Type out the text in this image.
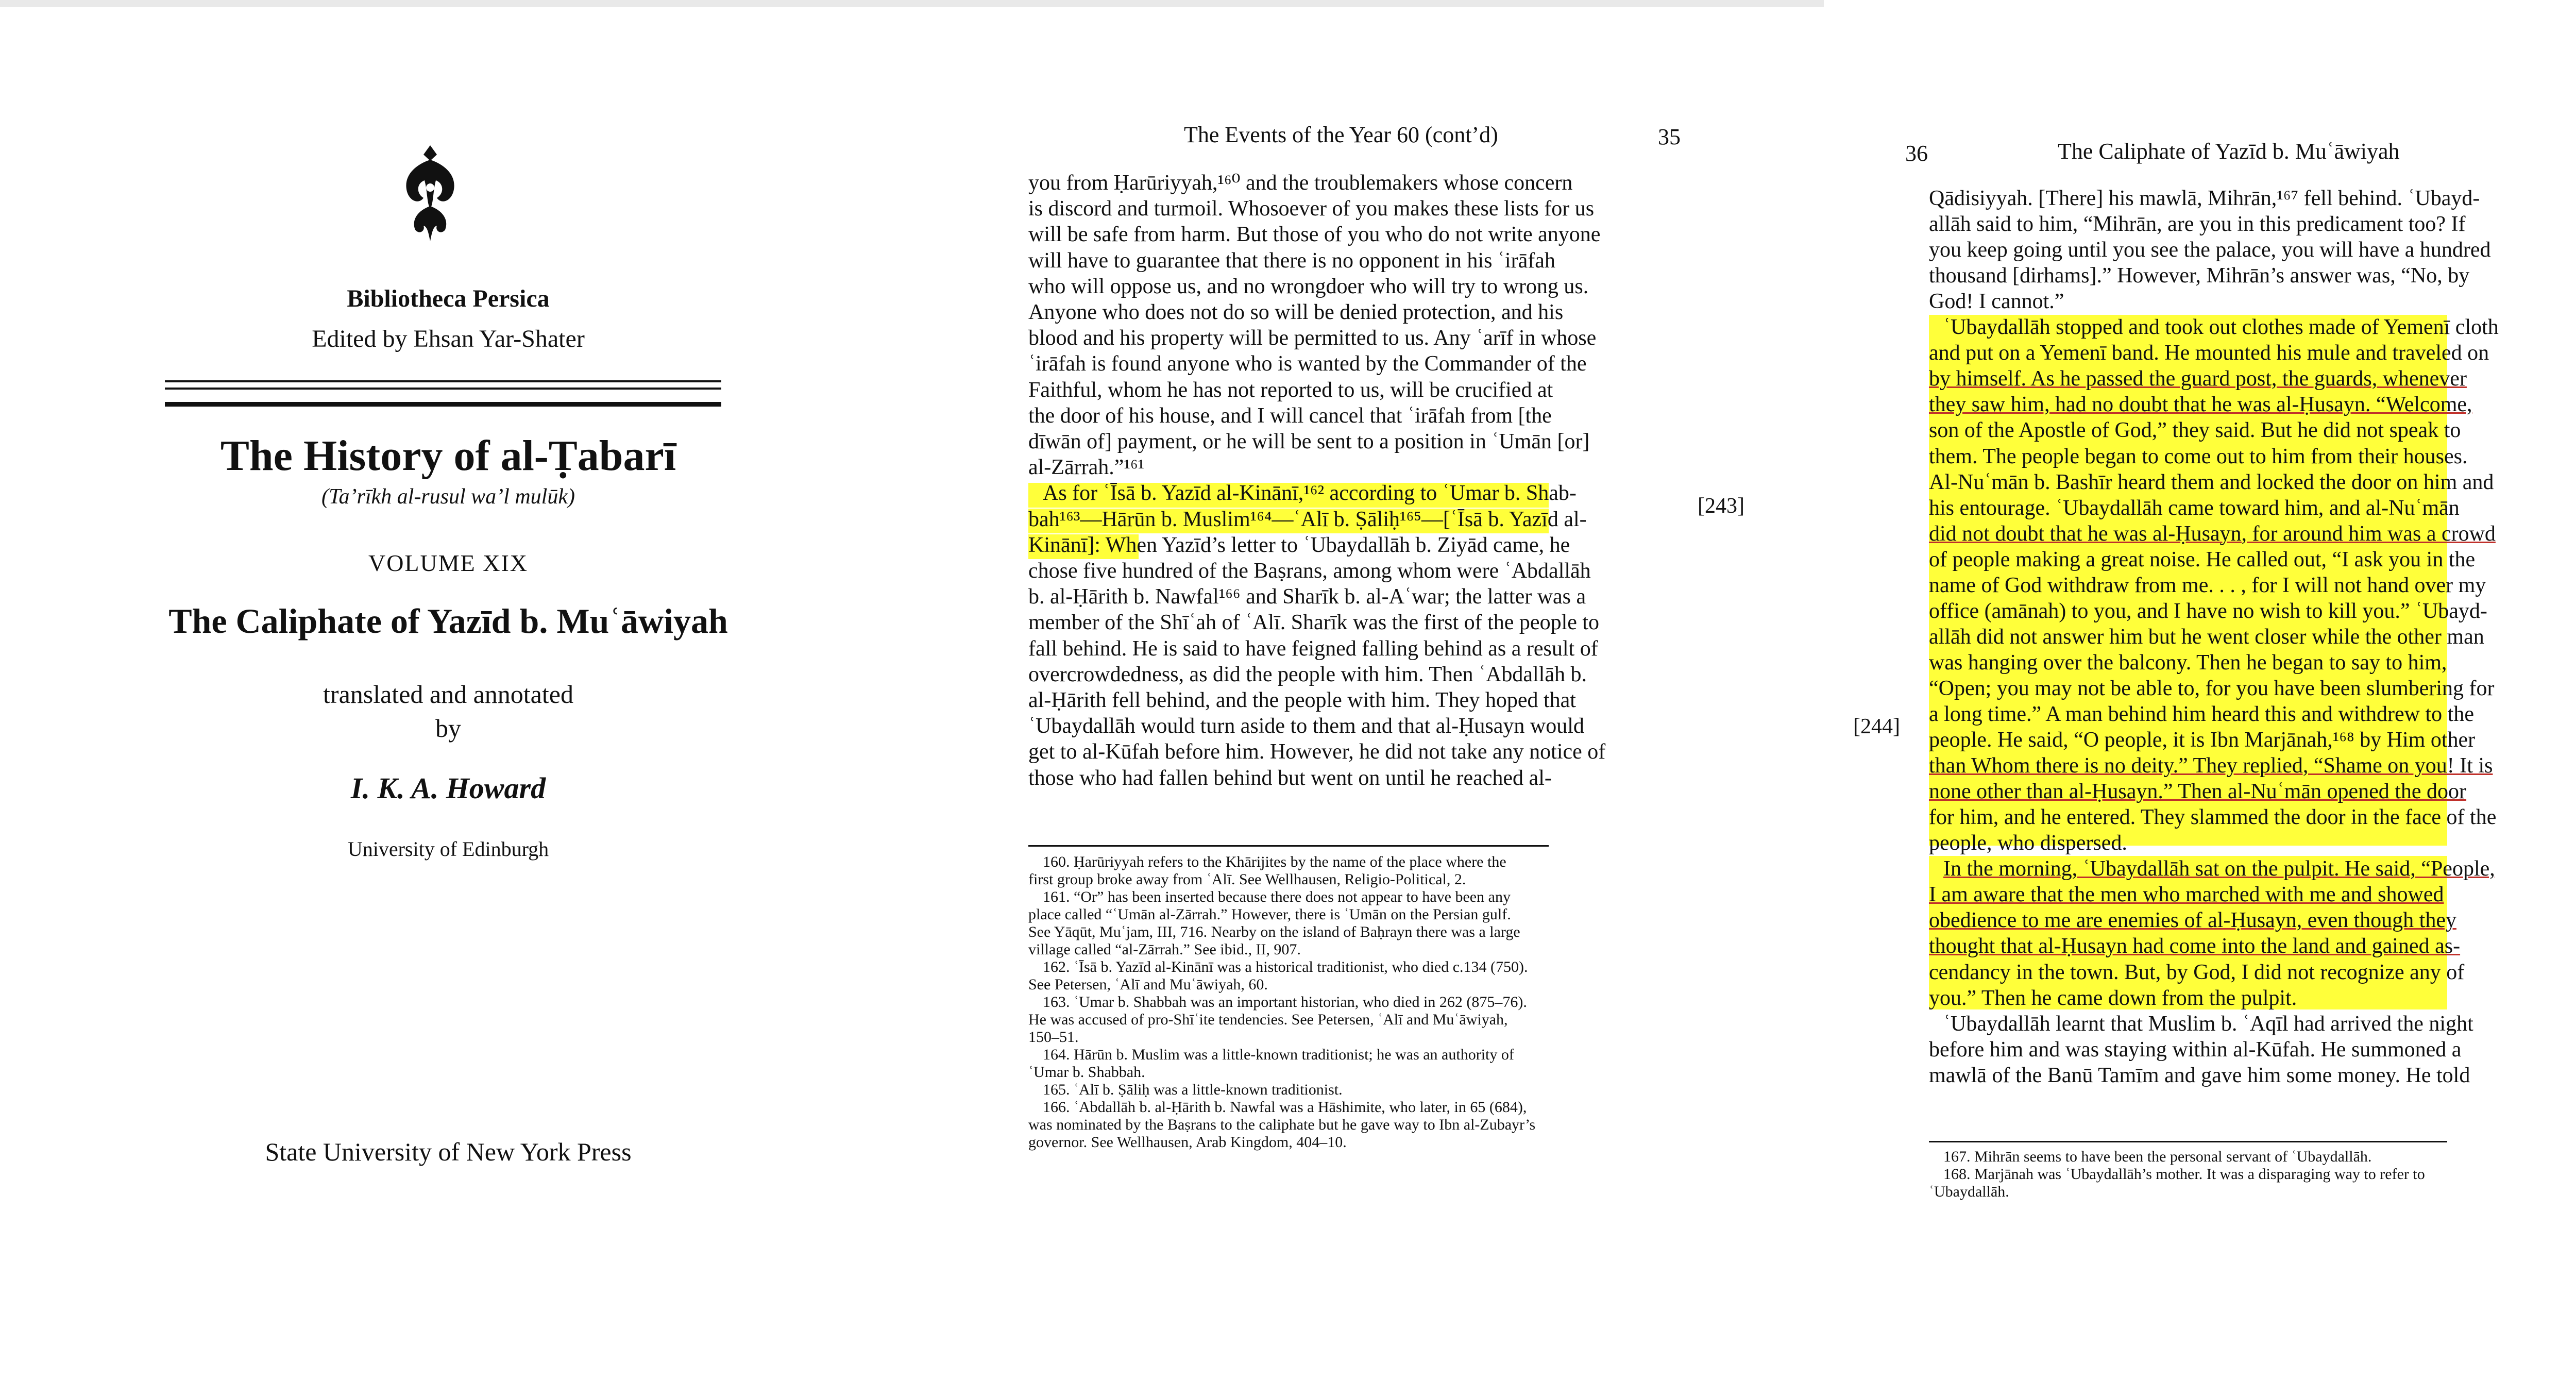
Bibliotheca Persica
Edited by Ehsan Yar-Shater
The History of al-Ṭabarī
(Ta’rīkh al-rusul wa’l mulūk)
VOLUME XIX
The Caliphate of Yazīd b. Muʿāwiyah
translated and annotated
by
I. K. A. Howard
University of Edinburgh
State University of New York Press
The Events of the Year 60 (cont’d)	35
[243]
you from Ḥarūriyyah,¹⁶⁰ and the troublemakers whose concern
is discord and turmoil. Whosoever of you makes these lists for us
will be safe from harm. But those of you who do not write anyone
will have to guarantee that there is no opponent in his ʿirāfah
who will oppose us, and no wrongdoer who will try to wrong us.
Anyone who does not do so will be denied protection, and his
blood and his property will be permitted to us. Any ʿarīf in whose
ʿirāfah is found anyone who is wanted by the Commander of the
Faithful, whom he has not reported to us, will be crucified at
the door of his house, and I will cancel that ʿirāfah from [the
dīwān of] payment, or he will be sent to a position in ʿUmān [or]
al-Zārrah.”¹⁶¹
As for ʿĪsā b. Yazīd al-Kinānī,¹⁶² according to ʿUmar b. Shab-
bah¹⁶³—Hārūn b. Muslim¹⁶⁴—ʿAlī b. Ṣāliḥ¹⁶⁵—[ʿĪsā b. Yazīd al-
Kinānī]: When Yazīd’s letter to ʿUbaydallāh b. Ziyād came, he
chose five hundred of the Baṣrans, among whom were ʿAbdallāh
b. al-Ḥārith b. Nawfal¹⁶⁶ and Sharīk b. al-Aʿwar; the latter was a
member of the Shīʿah of ʿAlī. Sharīk was the first of the people to
fall behind. He is said to have feigned falling behind as a result of
overcrowdedness, as did the people with him. Then ʿAbdallāh b.
al-Ḥārith fell behind, and the people with him. They hoped that
ʿUbaydallāh would turn aside to them and that al-Ḥusayn would
get to al-Kūfah before him. However, he did not take any notice of
those who had fallen behind but went on until he reached al-
160. Ḥarūriyyah refers to the Khārijites by the name of the place where the
first group broke away from ʿAlī. See Wellhausen, Religio-Political, 2.
161. “Or” has been inserted because there does not appear to have been any
place called “ʿUmān al-Zārrah.” However, there is ʿUmān on the Persian gulf.
See Yāqūt, Muʿjam, III, 716. Nearby on the island of Baḥrayn there was a large
village called “al-Zārrah.” See ibid., II, 907.
162. ʿĪsā b. Yazīd al-Kinānī was a historical traditionist, who died c.134 (750).
See Petersen, ʿAlī and Muʿāwiyah, 60.
163. ʿUmar b. Shabbah was an important historian, who died in 262 (875–76).
He was accused of pro-Shīʿite tendencies. See Petersen, ʿAlī and Muʿāwiyah,
150–51.
164. Hārūn b. Muslim was a little-known traditionist; he was an authority of
ʿUmar b. Shabbah.
165. ʿAlī b. Ṣāliḥ was a little-known traditionist.
166. ʿAbdallāh b. al-Ḥārith b. Nawfal was a Hāshimite, who later, in 65 (684),
was nominated by the Baṣrans to the caliphate but he gave way to Ibn al-Zubayr’s
governor. See Wellhausen, Arab Kingdom, 404–10.
36	The Caliphate of Yazīd b. Muʿāwiyah
[244]
Qādisiyyah. [There] his mawlā, Mihrān,¹⁶⁷ fell behind. ʿUbayd-
allāh said to him, “Mihrān, are you in this predicament too? If
you keep going until you see the palace, you will have a hundred
thousand [dirhams].” However, Mihrān’s answer was, “No, by
God! I cannot.”
ʿUbaydallāh stopped and took out clothes made of Yemenī cloth
and put on a Yemenī band. He mounted his mule and traveled on
by himself. As he passed the guard post, the guards, whenever
they saw him, had no doubt that he was al-Ḥusayn. “Welcome,
son of the Apostle of God,” they said. But he did not speak to
them. The people began to come out to him from their houses.
Al-Nuʿmān b. Bashīr heard them and locked the door on him and
his entourage. ʿUbaydallāh came toward him, and al-Nuʿmān
did not doubt that he was al-Ḥusayn, for around him was a crowd
of people making a great noise. He called out, “I ask you in the
name of God withdraw from me. . . , for I will not hand over my
office (amānah) to you, and I have no wish to kill you.” ʿUbayd-
allāh did not answer him but he went closer while the other man
was hanging over the balcony. Then he began to say to him,
“Open; you may not be able to, for you have been slumbering for
a long time.” A man behind him heard this and withdrew to the
people. He said, “O people, it is Ibn Marjānah,¹⁶⁸ by Him other
than Whom there is no deity.” They replied, “Shame on you! It is
none other than al-Ḥusayn.” Then al-Nuʿmān opened the door
for him, and he entered. They slammed the door in the face of the
people, who dispersed.
In the morning, ʿUbaydallāh sat on the pulpit. He said, “People,
I am aware that the men who marched with me and showed
obedience to me are enemies of al-Ḥusayn, even though they
thought that al-Ḥusayn had come into the land and gained as-
cendancy in the town. But, by God, I did not recognize any of
you.” Then he came down from the pulpit.
ʿUbaydallāh learnt that Muslim b. ʿAqīl had arrived the night
before him and was staying within al-Kūfah. He summoned a
mawlā of the Banū Tamīm and gave him some money. He told
167. Mihrān seems to have been the personal servant of ʿUbaydallāh.
168. Marjānah was ʿUbaydallāh’s mother. It was a disparaging way to refer to
ʿUbaydallāh.
